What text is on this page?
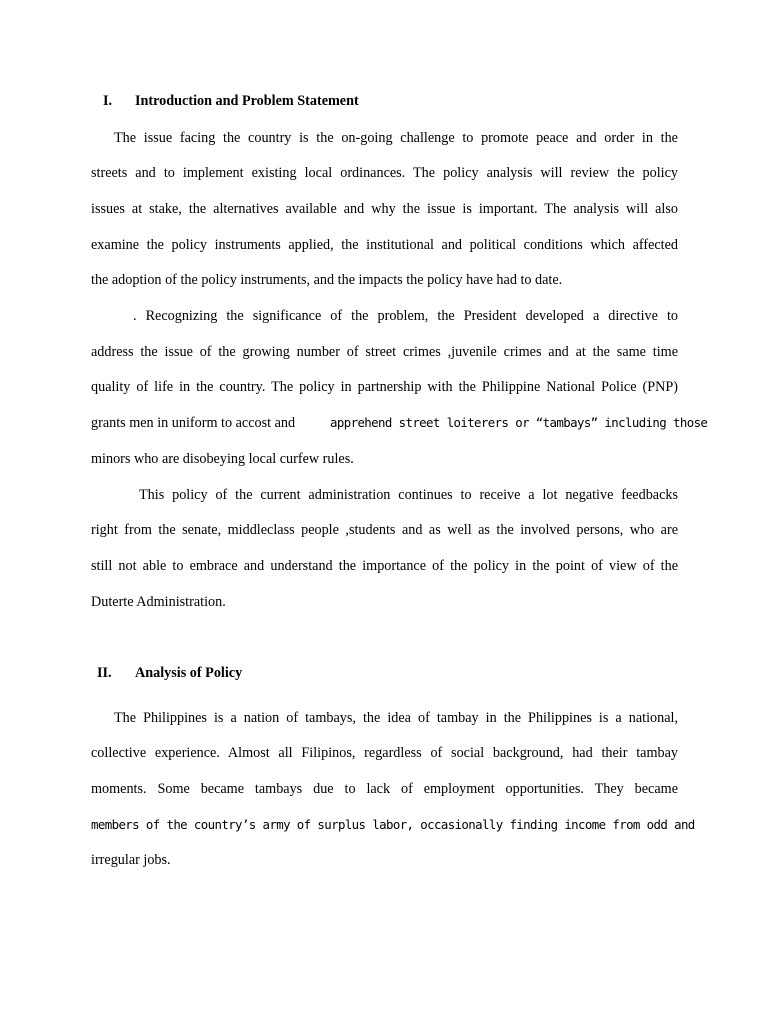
I. Introduction and Problem Statement
The issue facing the country is the on-going challenge to promote peace and order in the
streets and to implement existing local ordinances. The policy analysis will review the policy
issues at stake, the alternatives available and why the issue is important. The analysis will also
examine the policy instruments applied, the institutional and political conditions which affected
the adoption of the policy instruments, and the impacts the policy have had to date.
. Recognizing the significance of the problem, the President developed a directive to
address the issue of the growing number of street crimes ,juvenile crimes and at the same time
quality of life in the country. The policy in partnership with the Philippine National Police (PNP)
grants men in uniform to accost and	apprehend street loiterers or “tambays” including those
minors who are disobeying local curfew rules.
This policy of the current administration continues to receive a lot negative feedbacks
right from the senate, middleclass people ,students and as well as the involved persons, who are
still not able to embrace and understand the importance of the policy in the point of view of the
Duterte Administration.
II. Analysis of Policy
The Philippines is a nation of tambays, the idea of tambay in the Philippines is a national,
collective experience. Almost all Filipinos, regardless of social background, had their tambay
moments. Some became tambays due to lack of employment opportunities. They became
members of the country’s army of surplus labor, occasionally finding income from odd and
irregular jobs.
